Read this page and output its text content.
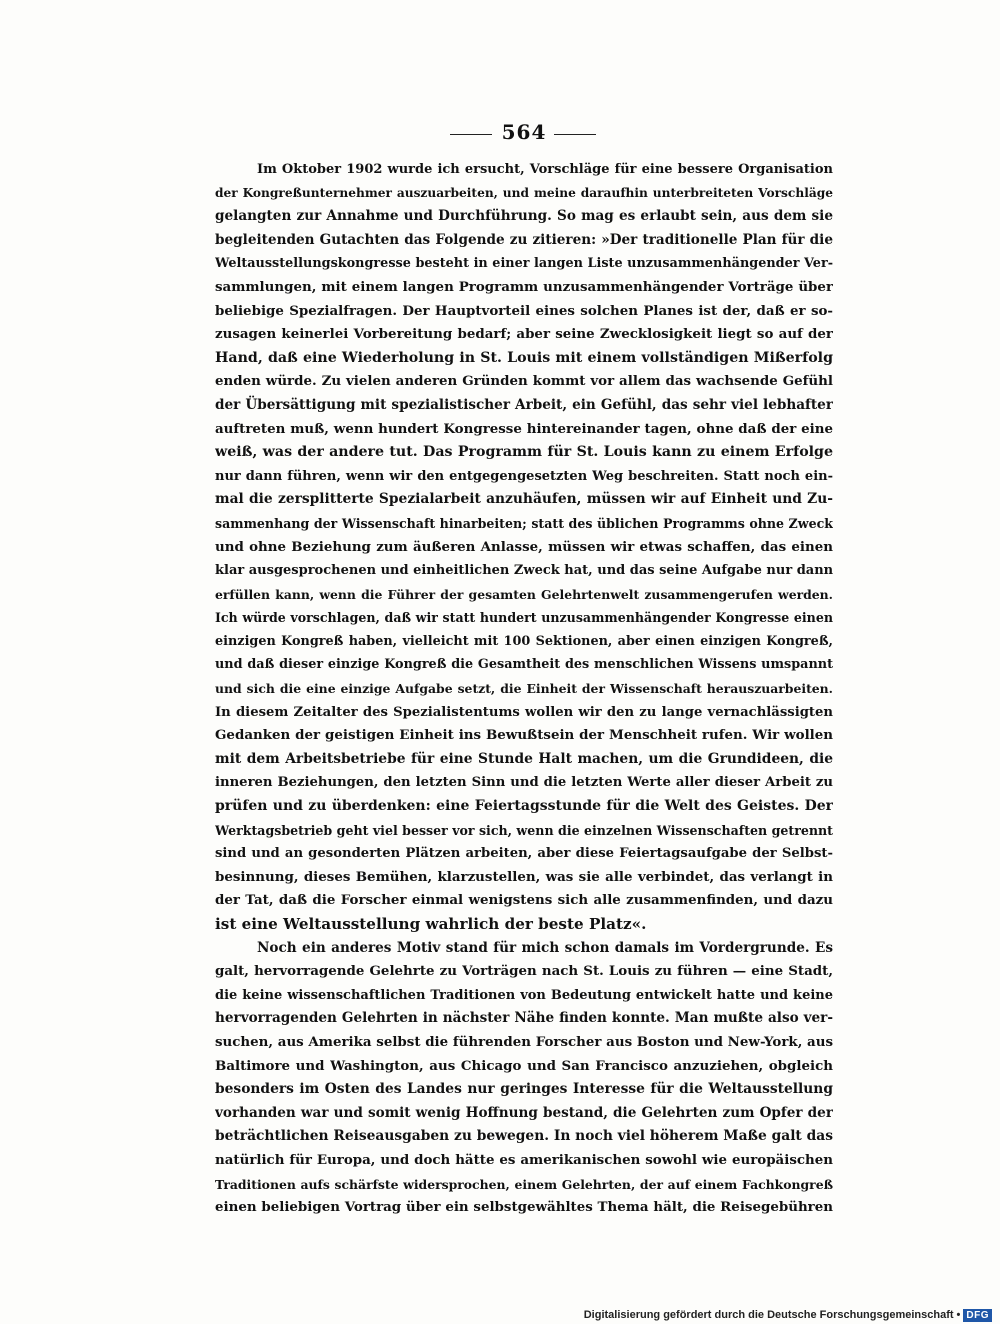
564
Im Oktober 1902 wurde ich ersucht, Vorschläge für eine bessere Organisation
der Kongreßunternehmer auszuarbeiten, und meine daraufhin unterbreiteten Vorschläge
gelangten zur Annahme und Durchführung. So mag es erlaubt sein, aus dem sie
begleitenden Gutachten das Folgende zu zitieren: »Der traditionelle Plan für die
Weltausstellungskongresse besteht in einer langen Liste unzusammenhängender Ver-
sammlungen, mit einem langen Programm unzusammenhängender Vorträge über
beliebige Spezialfragen. Der Hauptvorteil eines solchen Planes ist der, daß er so-
zusagen keinerlei Vorbereitung bedarf; aber seine Zwecklosigkeit liegt so auf der
Hand, daß eine Wiederholung in St. Louis mit einem vollständigen Mißerfolg
enden würde. Zu vielen anderen Gründen kommt vor allem das wachsende Gefühl
der Übersättigung mit spezialistischer Arbeit, ein Gefühl, das sehr viel lebhafter
auftreten muß, wenn hundert Kongresse hintereinander tagen, ohne daß der eine
weiß, was der andere tut. Das Programm für St. Louis kann zu einem Erfolge
nur dann führen, wenn wir den entgegengesetzten Weg beschreiten. Statt noch ein-
mal die zersplitterte Spezialarbeit anzuhäufen, müssen wir auf Einheit und Zu-
sammenhang der Wissenschaft hinarbeiten; statt des üblichen Programms ohne Zweck
und ohne Beziehung zum äußeren Anlasse, müssen wir etwas schaffen, das einen
klar ausgesprochenen und einheitlichen Zweck hat, und das seine Aufgabe nur dann
erfüllen kann, wenn die Führer der gesamten Gelehrtenwelt zusammengerufen werden.
Ich würde vorschlagen, daß wir statt hundert unzusammenhängender Kongresse einen
einzigen Kongreß haben, vielleicht mit 100 Sektionen, aber einen einzigen Kongreß,
und daß dieser einzige Kongreß die Gesamtheit des menschlichen Wissens umspannt
und sich die eine einzige Aufgabe setzt, die Einheit der Wissenschaft herauszuarbeiten.
In diesem Zeitalter des Spezialistentums wollen wir den zu lange vernachlässigten
Gedanken der geistigen Einheit ins Bewußtsein der Menschheit rufen. Wir wollen
mit dem Arbeitsbetriebe für eine Stunde Halt machen, um die Grundideen, die
inneren Beziehungen, den letzten Sinn und die letzten Werte aller dieser Arbeit zu
prüfen und zu überdenken: eine Feiertagsstunde für die Welt des Geistes. Der
Werktagsbetrieb geht viel besser vor sich, wenn die einzelnen Wissenschaften getrennt
sind und an gesonderten Plätzen arbeiten, aber diese Feiertagsaufgabe der Selbst-
besinnung, dieses Bemühen, klarzustellen, was sie alle verbindet, das verlangt in
der Tat, daß die Forscher einmal wenigstens sich alle zusammenfinden, und dazu
ist eine Weltausstellung wahrlich der beste Platz«.
Noch ein anderes Motiv stand für mich schon damals im Vordergrunde. Es
galt, hervorragende Gelehrte zu Vorträgen nach St. Louis zu führen — eine Stadt,
die keine wissenschaftlichen Traditionen von Bedeutung entwickelt hatte und keine
hervorragenden Gelehrten in nächster Nähe finden konnte. Man mußte also ver-
suchen, aus Amerika selbst die führenden Forscher aus Boston und New-York, aus
Baltimore und Washington, aus Chicago und San Francisco anzuziehen, obgleich
besonders im Osten des Landes nur geringes Interesse für die Weltausstellung
vorhanden war und somit wenig Hoffnung bestand, die Gelehrten zum Opfer der
beträchtlichen Reiseausgaben zu bewegen. In noch viel höherem Maße galt das
natürlich für Europa, und doch hätte es amerikanischen sowohl wie europäischen
Traditionen aufs schärfste widersprochen, einem Gelehrten, der auf einem Fachkongreß
einen beliebigen Vortrag über ein selbstgewähltes Thema hält, die Reisegebühren
Digitalisierung gefördert durch die Deutsche Forschungsgemeinschaft • DFG
